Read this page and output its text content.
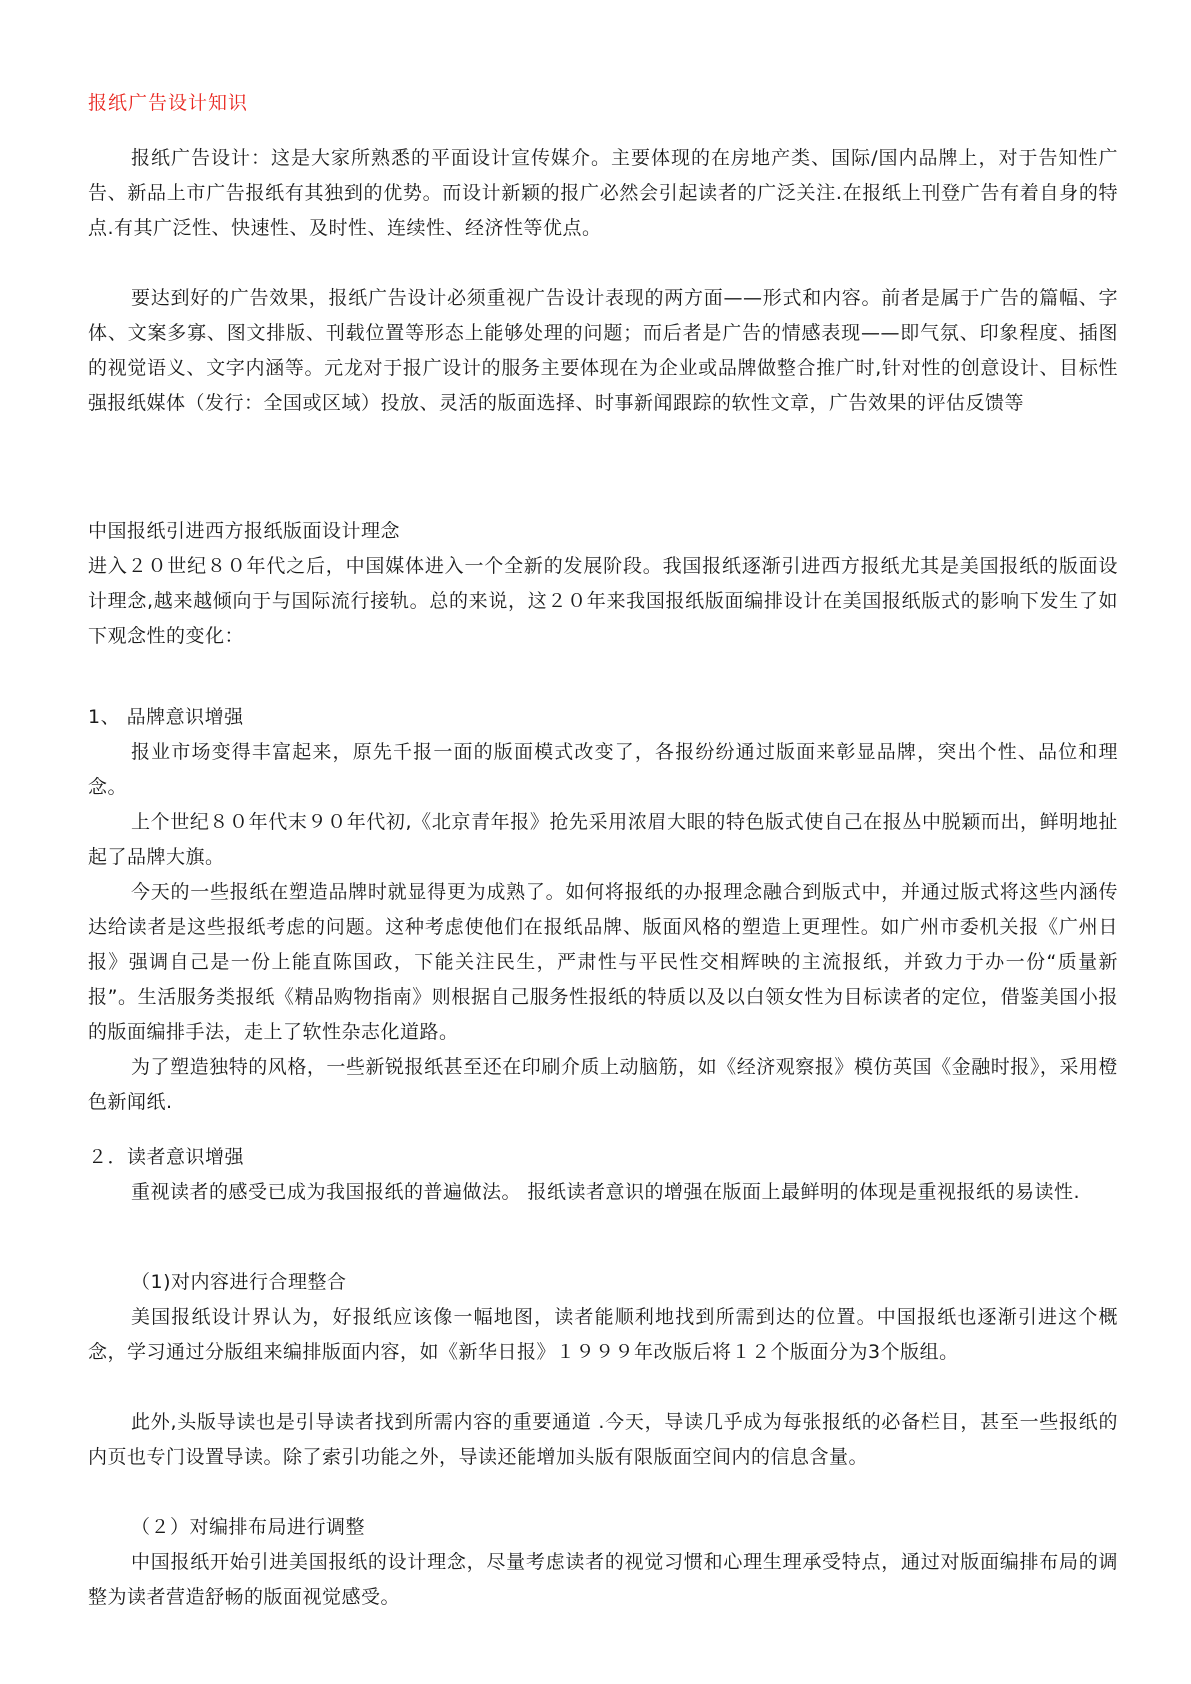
报纸广告设计知识

报纸广告设计：这是大家所熟悉的平面设计宣传媒介。主要体现的在房地产类、国际/国内品牌上，对于告知性广告、新品上市广告报纸有其独到的优势。而设计新颖的报广必然会引起读者的广泛关注.在报纸上刊登广告有着自身的特点.有其广泛性、快速性、及时性、连续性、经济性等优点。

要达到好的广告效果，报纸广告设计必须重视广告设计表现的两方面——形式和内容。前者是属于广告的篇幅、字体、文案多寡、图文排版、刊载位置等形态上能够处理的问题；而后者是广告的情感表现——即气氛、印象程度、插图的视觉语义、文字内涵等。元龙对于报广设计的服务主要体现在为企业或品牌做整合推广时,针对性的创意设计、目标性强报纸媒体（发行：全国或区域）投放、灵活的版面选择、时事新闻跟踪的软性文章，广告效果的评估反馈等

中国报纸引进西方报纸版面设计理念

进入２０世纪８０年代之后，中国媒体进入一个全新的发展阶段。我国报纸逐渐引进西方报纸尤其是美国报纸的版面设计理念,越来越倾向于与国际流行接轨。总的来说，这２０年来我国报纸版面编排设计在美国报纸版式的影响下发生了如下观念性的变化：

1、 品牌意识增强

报业市场变得丰富起来，原先千报一面的版面模式改变了，各报纷纷通过版面来彰显品牌，突出个性、品位和理念。

上个世纪８０年代末９０年代初,《北京青年报》抢先采用浓眉大眼的特色版式使自己在报丛中脱颖而出，鲜明地扯起了品牌大旗。

今天的一些报纸在塑造品牌时就显得更为成熟了。如何将报纸的办报理念融合到版式中，并通过版式将这些内涵传达给读者是这些报纸考虑的问题。这种考虑使他们在报纸品牌、版面风格的塑造上更理性。如广州市委机关报《广州日报》强调自己是一份上能直陈国政，下能关注民生，严肃性与平民性交相辉映的主流报纸，并致力于办一份“质量新报”。生活服务类报纸《精品购物指南》则根据自己服务性报纸的特质以及以白领女性为目标读者的定位，借鉴美国小报的版面编排手法，走上了软性杂志化道路。

为了塑造独特的风格，一些新锐报纸甚至还在印刷介质上动脑筋，如《经济观察报》模仿英国《金融时报》，采用橙色新闻纸.

２．读者意识增强

重视读者的感受已成为我国报纸的普遍做法。 报纸读者意识的增强在版面上最鲜明的体现是重视报纸的易读性.

（1)对内容进行合理整合

美国报纸设计界认为，好报纸应该像一幅地图，读者能顺利地找到所需到达的位置。中国报纸也逐渐引进这个概念，学习通过分版组来编排版面内容，如《新华日报》１９９９年改版后将１２个版面分为3个版组。

此外,头版导读也是引导读者找到所需内容的重要通道 .今天，导读几乎成为每张报纸的必备栏目，甚至一些报纸的内页也专门设置导读。除了索引功能之外，导读还能增加头版有限版面空间内的信息含量。

（２）对编排布局进行调整

中国报纸开始引进美国报纸的设计理念，尽量考虑读者的视觉习惯和心理生理承受特点，通过对版面编排布局的调整为读者营造舒畅的版面视觉感受。
